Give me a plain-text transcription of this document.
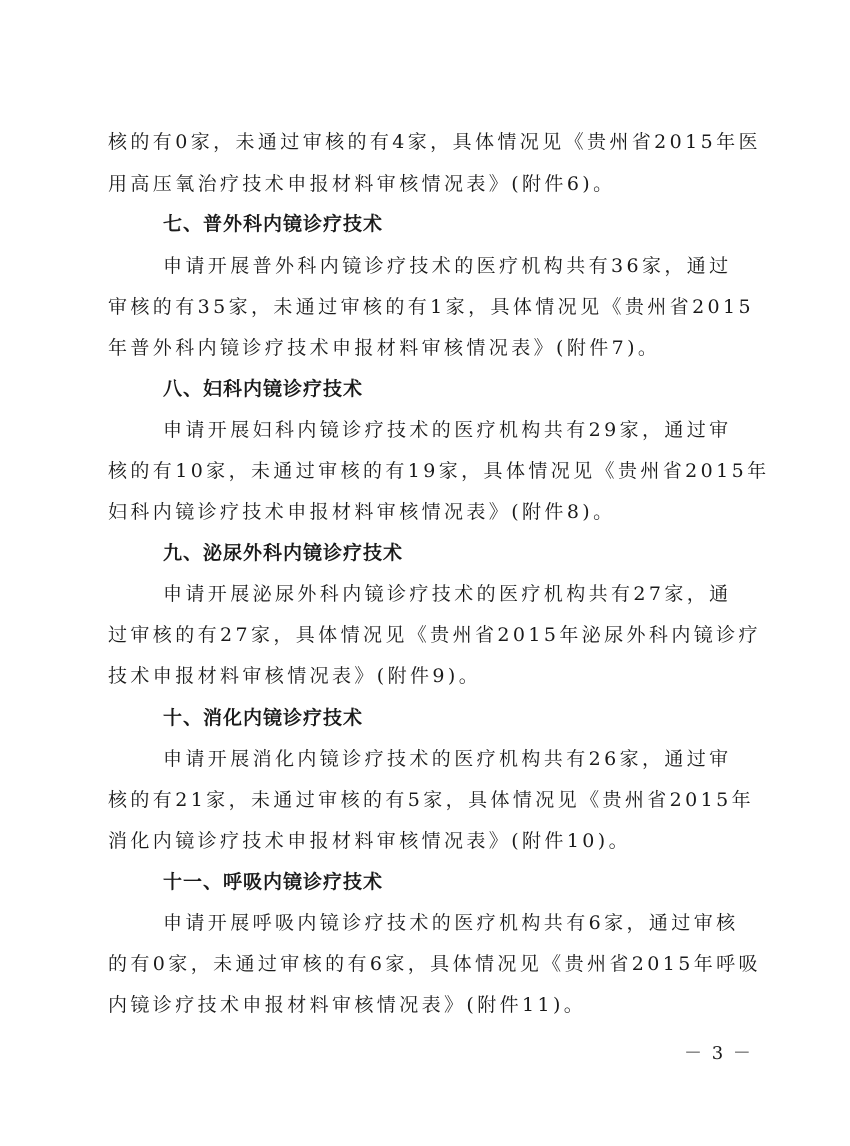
核的有0家，未通过审核的有4家，具体情况见《贵州省2015年医
用高压氧治疗技术申报材料审核情况表》(附件6)。
七、普外科内镜诊疗技术
申请开展普外科内镜诊疗技术的医疗机构共有36家，通过
审核的有35家，未通过审核的有1家，具体情况见《贵州省2015
年普外科内镜诊疗技术申报材料审核情况表》(附件7)。
八、妇科内镜诊疗技术
申请开展妇科内镜诊疗技术的医疗机构共有29家，通过审
核的有10家，未通过审核的有19家，具体情况见《贵州省2015年
妇科内镜诊疗技术申报材料审核情况表》(附件8)。
九、泌尿外科内镜诊疗技术
申请开展泌尿外科内镜诊疗技术的医疗机构共有27家，通
过审核的有27家，具体情况见《贵州省2015年泌尿外科内镜诊疗
技术申报材料审核情况表》(附件9)。
十、消化内镜诊疗技术
申请开展消化内镜诊疗技术的医疗机构共有26家，通过审
核的有21家，未通过审核的有5家，具体情况见《贵州省2015年
消化内镜诊疗技术申报材料审核情况表》(附件10)。
十一、呼吸内镜诊疗技术
申请开展呼吸内镜诊疗技术的医疗机构共有6家，通过审核
的有0家，未通过审核的有6家，具体情况见《贵州省2015年呼吸
内镜诊疗技术申报材料审核情况表》(附件11)。
－ 3 －
